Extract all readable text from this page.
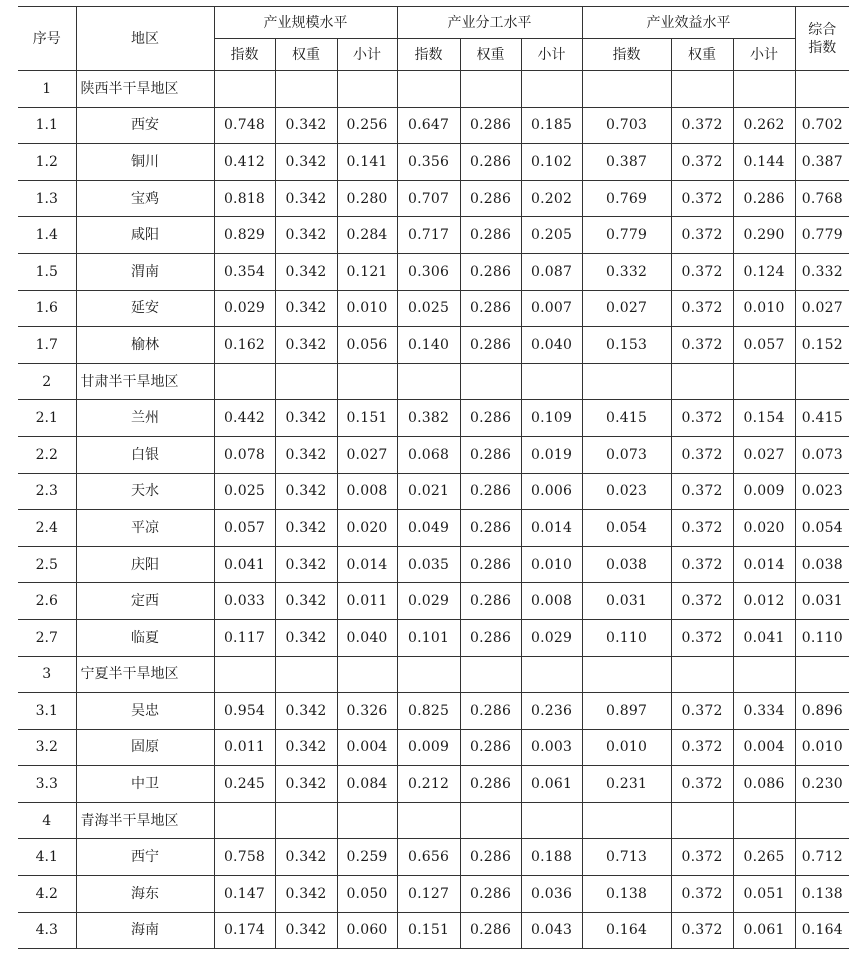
序号	地区	产业规模水平			产业分工水平			产业效益水平			综合指数
		指数	权重	小计	指数	权重	小计	指数	权重	小计	
1	陕西半干旱地区										
1.1	西安	0.748	0.342	0.256	0.647	0.286	0.185	0.703	0.372	0.262	0.702
1.2	铜川	0.412	0.342	0.141	0.356	0.286	0.102	0.387	0.372	0.144	0.387
1.3	宝鸡	0.818	0.342	0.280	0.707	0.286	0.202	0.769	0.372	0.286	0.768
1.4	咸阳	0.829	0.342	0.284	0.717	0.286	0.205	0.779	0.372	0.290	0.779
1.5	渭南	0.354	0.342	0.121	0.306	0.286	0.087	0.332	0.372	0.124	0.332
1.6	延安	0.029	0.342	0.010	0.025	0.286	0.007	0.027	0.372	0.010	0.027
1.7	榆林	0.162	0.342	0.056	0.140	0.286	0.040	0.153	0.372	0.057	0.152
2	甘肃半干旱地区										
2.1	兰州	0.442	0.342	0.151	0.382	0.286	0.109	0.415	0.372	0.154	0.415
2.2	白银	0.078	0.342	0.027	0.068	0.286	0.019	0.073	0.372	0.027	0.073
2.3	天水	0.025	0.342	0.008	0.021	0.286	0.006	0.023	0.372	0.009	0.023
2.4	平凉	0.057	0.342	0.020	0.049	0.286	0.014	0.054	0.372	0.020	0.054
2.5	庆阳	0.041	0.342	0.014	0.035	0.286	0.010	0.038	0.372	0.014	0.038
2.6	定西	0.033	0.342	0.011	0.029	0.286	0.008	0.031	0.372	0.012	0.031
2.7	临夏	0.117	0.342	0.040	0.101	0.286	0.029	0.110	0.372	0.041	0.110
3	宁夏半干旱地区										
3.1	吴忠	0.954	0.342	0.326	0.825	0.286	0.236	0.897	0.372	0.334	0.896
3.2	固原	0.011	0.342	0.004	0.009	0.286	0.003	0.010	0.372	0.004	0.010
3.3	中卫	0.245	0.342	0.084	0.212	0.286	0.061	0.231	0.372	0.086	0.230
4	青海半干旱地区										
4.1	西宁	0.758	0.342	0.259	0.656	0.286	0.188	0.713	0.372	0.265	0.712
4.2	海东	0.147	0.342	0.050	0.127	0.286	0.036	0.138	0.372	0.051	0.138
4.3	海南	0.174	0.342	0.060	0.151	0.286	0.043	0.164	0.372	0.061	0.164
